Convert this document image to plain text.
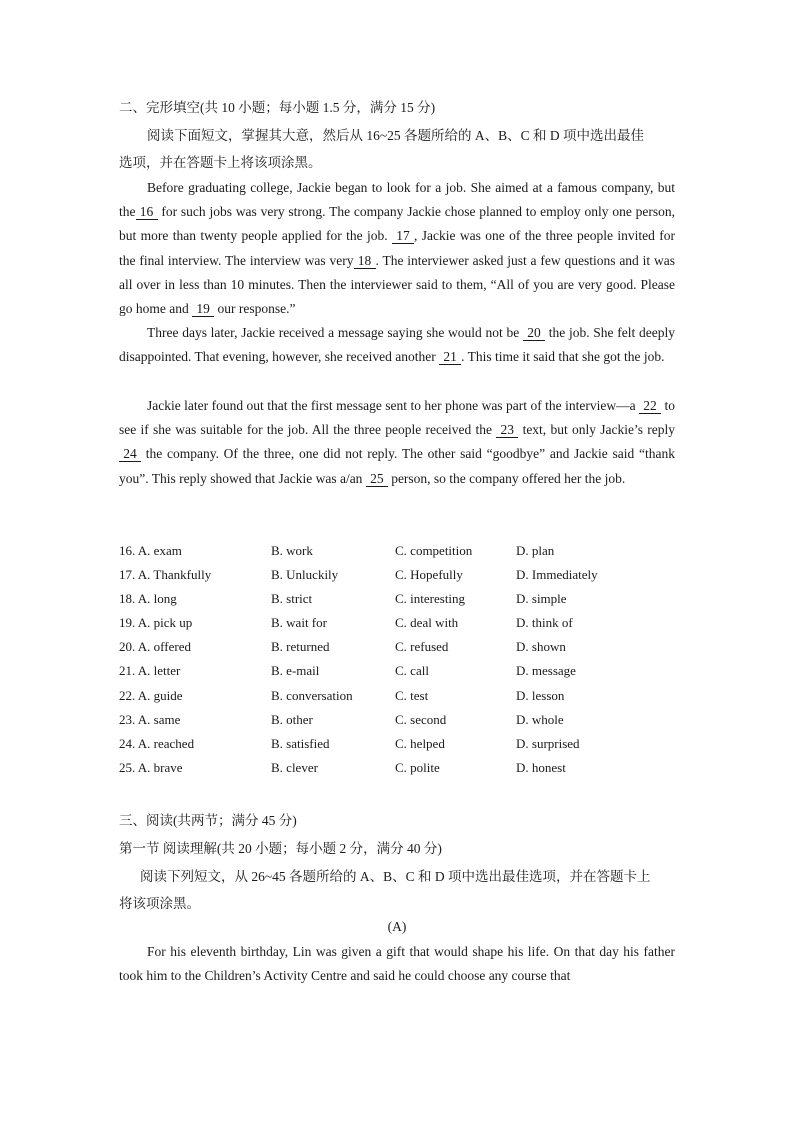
二、完形填空(共 10 小题；每小题 1.5 分，满分 15 分)
阅读下面短文，掌握其大意，然后从 16~25 各题所给的 A、B、C 和 D 项中选出最佳
选项，并在答题卡上将该项涂黑。

Before graduating college, Jackie began to look for a job. She aimed at a famous company, but the 16 for such jobs was very strong. The company Jackie chose planned to employ only one person, but more than twenty people applied for the job. 17 , Jackie was one of the three people invited for the final interview. The interview was very 18 . The interviewer asked just a few questions and it was all over in less than 10 minutes. Then the interviewer said to them, “All of you are very good. Please go home and 19 our response.”

Three days later, Jackie received a message saying she would not be 20 the job. She felt deeply disappointed. That evening, however, she received another 21 . This time it said that she got the job.

Jackie later found out that the first message sent to her phone was part of the interview—a 22 to see if she was suitable for the job. All the three people received the 23 text, but only Jackie’s reply 24 the company. Of the three, one did not reply. The other said “goodbye” and Jackie said “thank you”. This reply showed that Jackie was a/an 25 person, so the company offered her the job.

16. A. exam	B. work	C. competition	D. plan
17. A. Thankfully	B. Unluckily	C. Hopefully	D. Immediately
18. A. long	B. strict	C. interesting	D. simple
19. A. pick up	B. wait for	C. deal with	D. think of
20. A. offered	B. returned	C. refused	D. shown
21. A. letter	B. e-mail	C. call	D. message
22. A. guide	B. conversation	C. test	D. lesson
23. A. same	B. other	C. second	D. whole
24. A. reached	B. satisfied	C. helped	D. surprised
25. A. brave	B. clever	C. polite	D. honest
三、阅读(共两节；满分 45 分)
第一节 阅读理解(共 20 小题；每小题 2 分，满分 40 分)
阅读下列短文，从 26~45 各题所给的 A、B、C 和 D 项中选出最佳选项，并在答题卡上
将该项涂黑。
(A)

For his eleventh birthday, Lin was given a gift that would shape his life. On that day his father took him to the Children’s Activity Centre and said he could choose any course that
